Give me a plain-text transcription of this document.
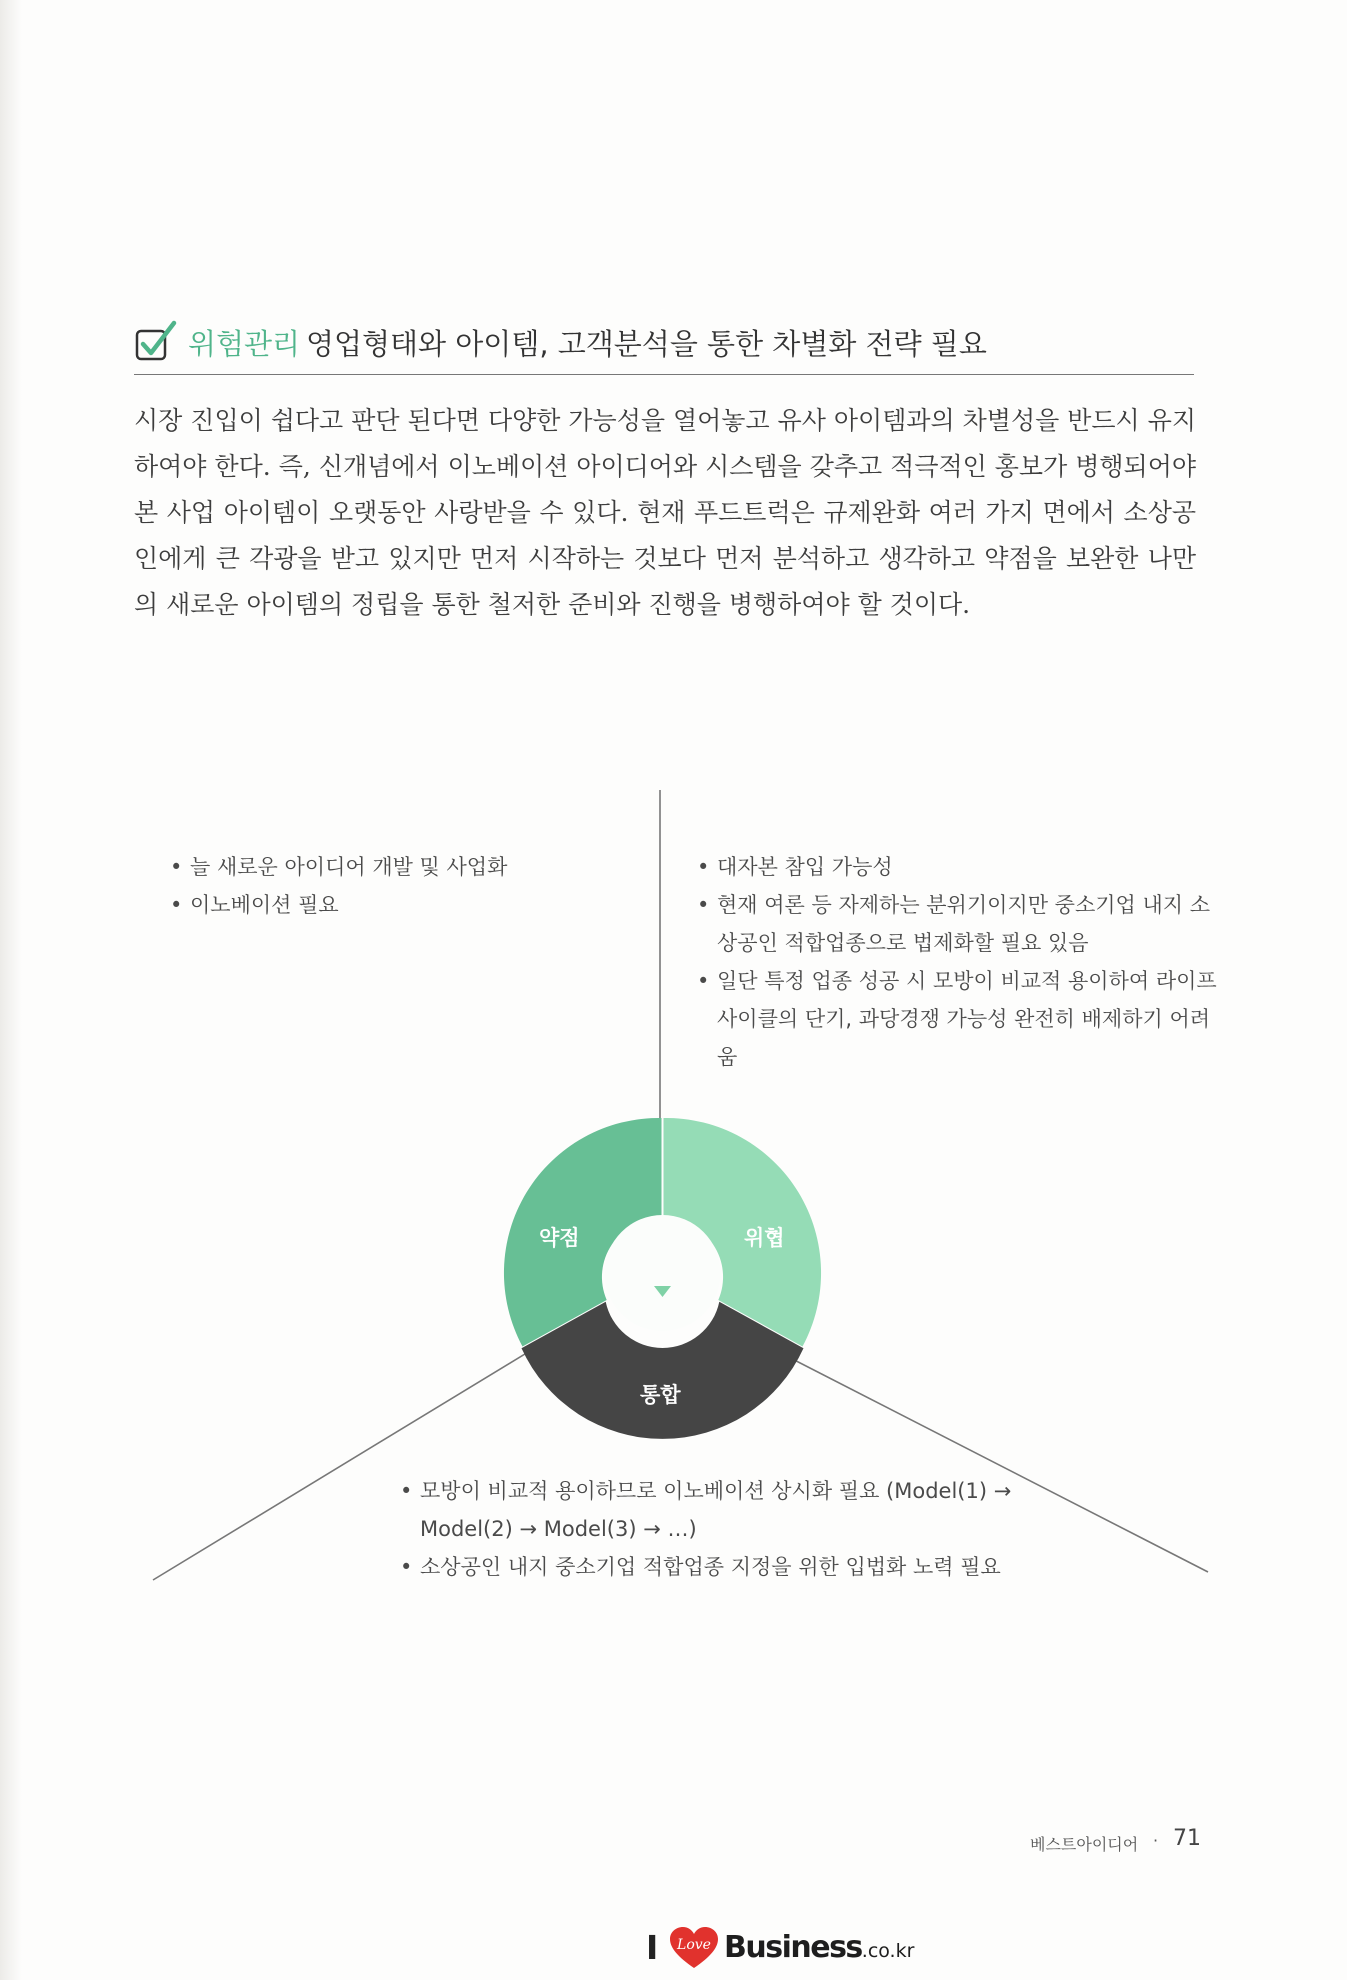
위험관리 영업형태와 아이템, 고객분석을 통한 차별화 전략 필요

시장 진입이 쉽다고 판단 된다면 다양한 가능성을 열어놓고 유사 아이템과의 차별성을 반드시 유지하여야 한다. 즉, 신개념에서 이노베이션 아이디어와 시스템을 갖추고 적극적인 홍보가 병행되어야 본 사업 아이템이 오랫동안 사랑받을 수 있다. 현재 푸드트럭은 규제완화 여러 가지 면에서 소상공인에게 큰 각광을 받고 있지만 먼저 시작하는 것보다 먼저 분석하고 생각하고 약점을 보완한 나만의 새로운 아이템의 정립을 통한 철저한 준비와 진행을 병행하여야 할 것이다.

약점	위협
통합
• 늘 새로운 아이디어 개발 및 사업화
• 이노베이션 필요
• 대자본 참입 가능성
• 현재 여론 등 자제하는 분위기이지만 중소기업 내지 소상공인 적합업종으로 법제화할 필요 있음
• 일단 특정 업종 성공 시 모방이 비교적 용이하여 라이프 사이클의 단기, 과당경쟁 가능성 완전히 배제하기 어려움
• 모방이 비교적 용이하므로 이노베이션 상시화 필요 (Model(1) → Model(2) → Model(3) → …)
• 소상공인 내지 중소기업 적합업종 지정을 위한 입법화 노력 필요
베스트아이디어 · 71
I Love Business.co.kr
